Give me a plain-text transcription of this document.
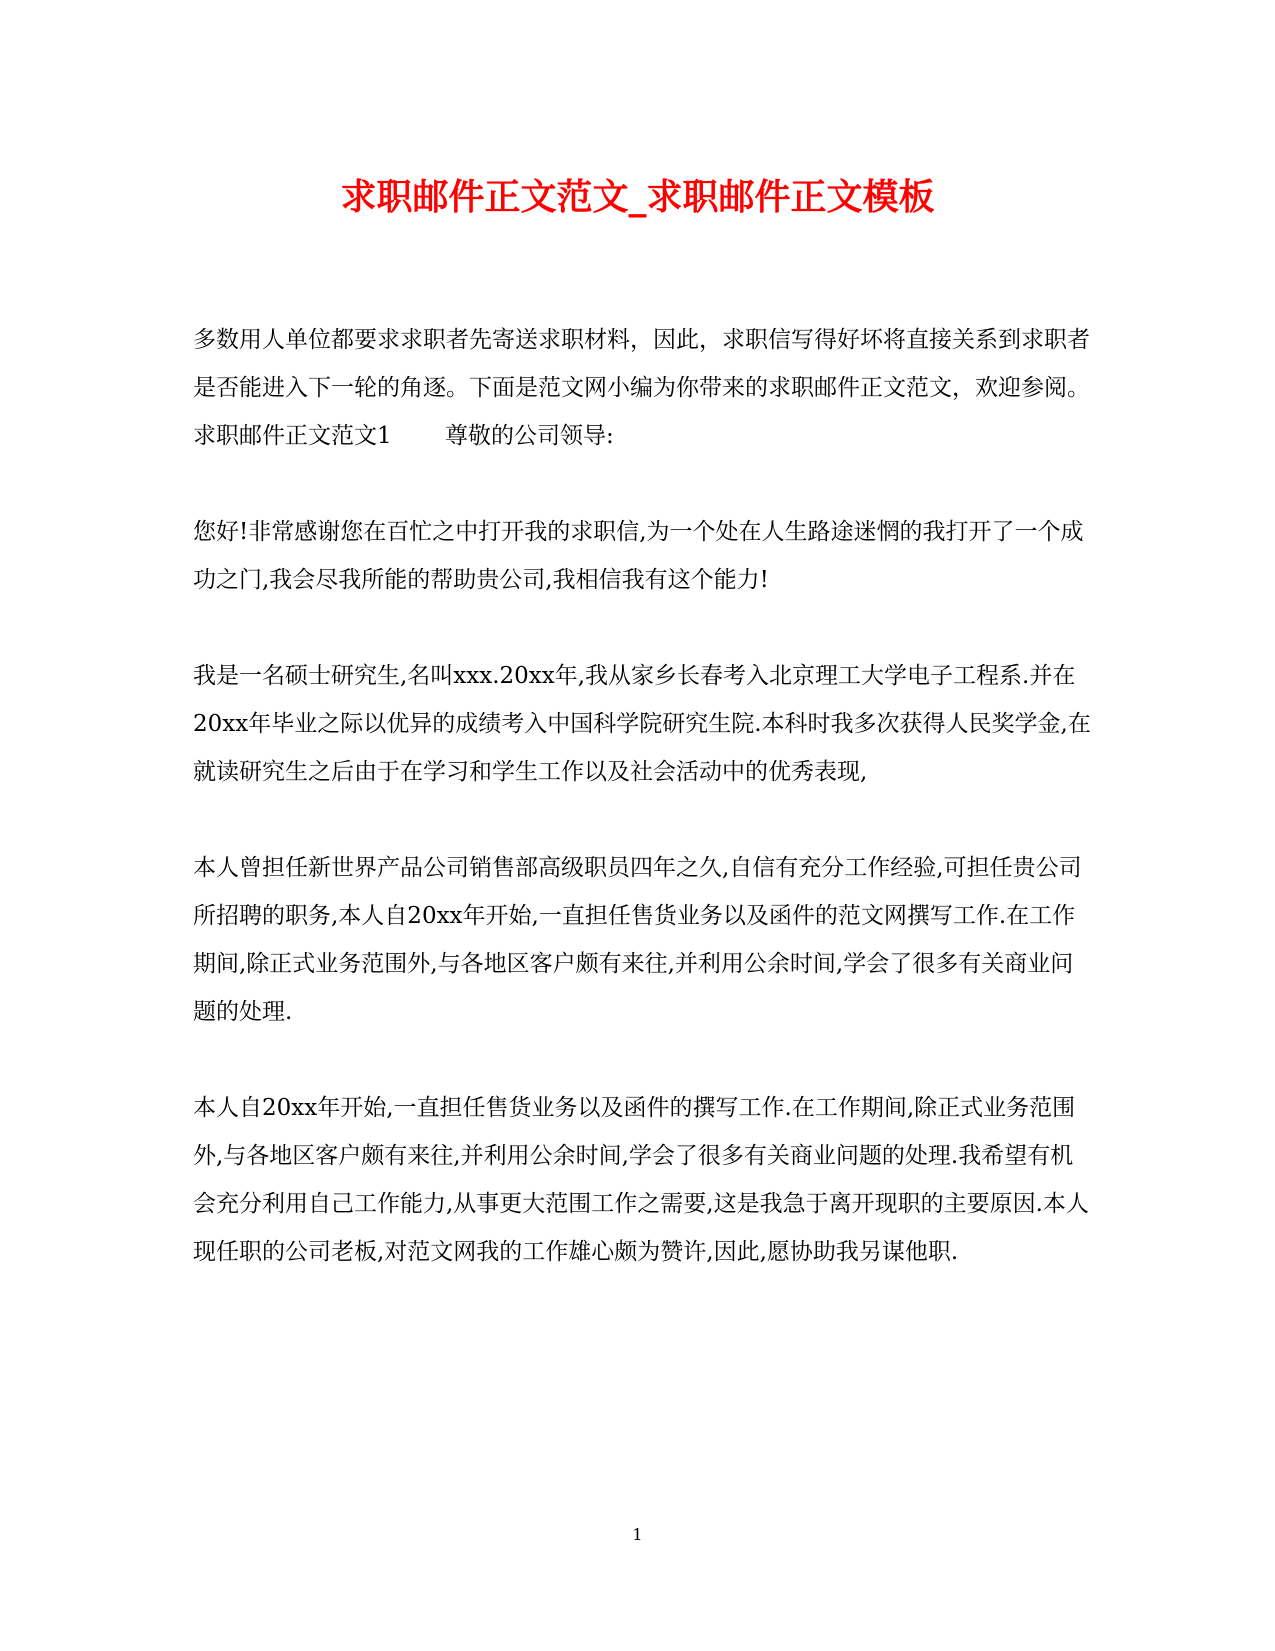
求职邮件正文范文_求职邮件正文模板

多数用人单位都要求求职者先寄送求职材料，因此，求职信写得好坏将直接关系到求职者是否能进入下一轮的角逐。下面是范文网小编为你带来的求职邮件正文范文，欢迎参阅。

求职邮件正文范文1　　 尊敬的公司领导:

您好!非常感谢您在百忙之中打开我的求职信,为一个处在人生路途迷惘的我打开了一个成功之门,我会尽我所能的帮助贵公司,我相信我有这个能力!

我是一名硕士研究生,名叫xxx.20xx年,我从家乡长春考入北京理工大学电子工程系.并在20xx年毕业之际以优异的成绩考入中国科学院研究生院.本科时我多次获得人民奖学金,在就读研究生之后由于在学习和学生工作以及社会活动中的优秀表现,

本人曾担任新世界产品公司销售部高级职员四年之久,自信有充分工作经验,可担任贵公司所招聘的职务,本人自20xx年开始,一直担任售货业务以及函件的范文网撰写工作.在工作期间,除正式业务范围外,与各地区客户颇有来往,并利用公余时间,学会了很多有关商业问题的处理.

本人自20xx年开始,一直担任售货业务以及函件的撰写工作.在工作期间,除正式业务范围外,与各地区客户颇有来往,并利用公余时间,学会了很多有关商业问题的处理.我希望有机会充分利用自己工作能力,从事更大范围工作之需要,这是我急于离开现职的主要原因.本人现任职的公司老板,对范文网我的工作雄心颇为赞许,因此,愿协助我另谋他职.

1
